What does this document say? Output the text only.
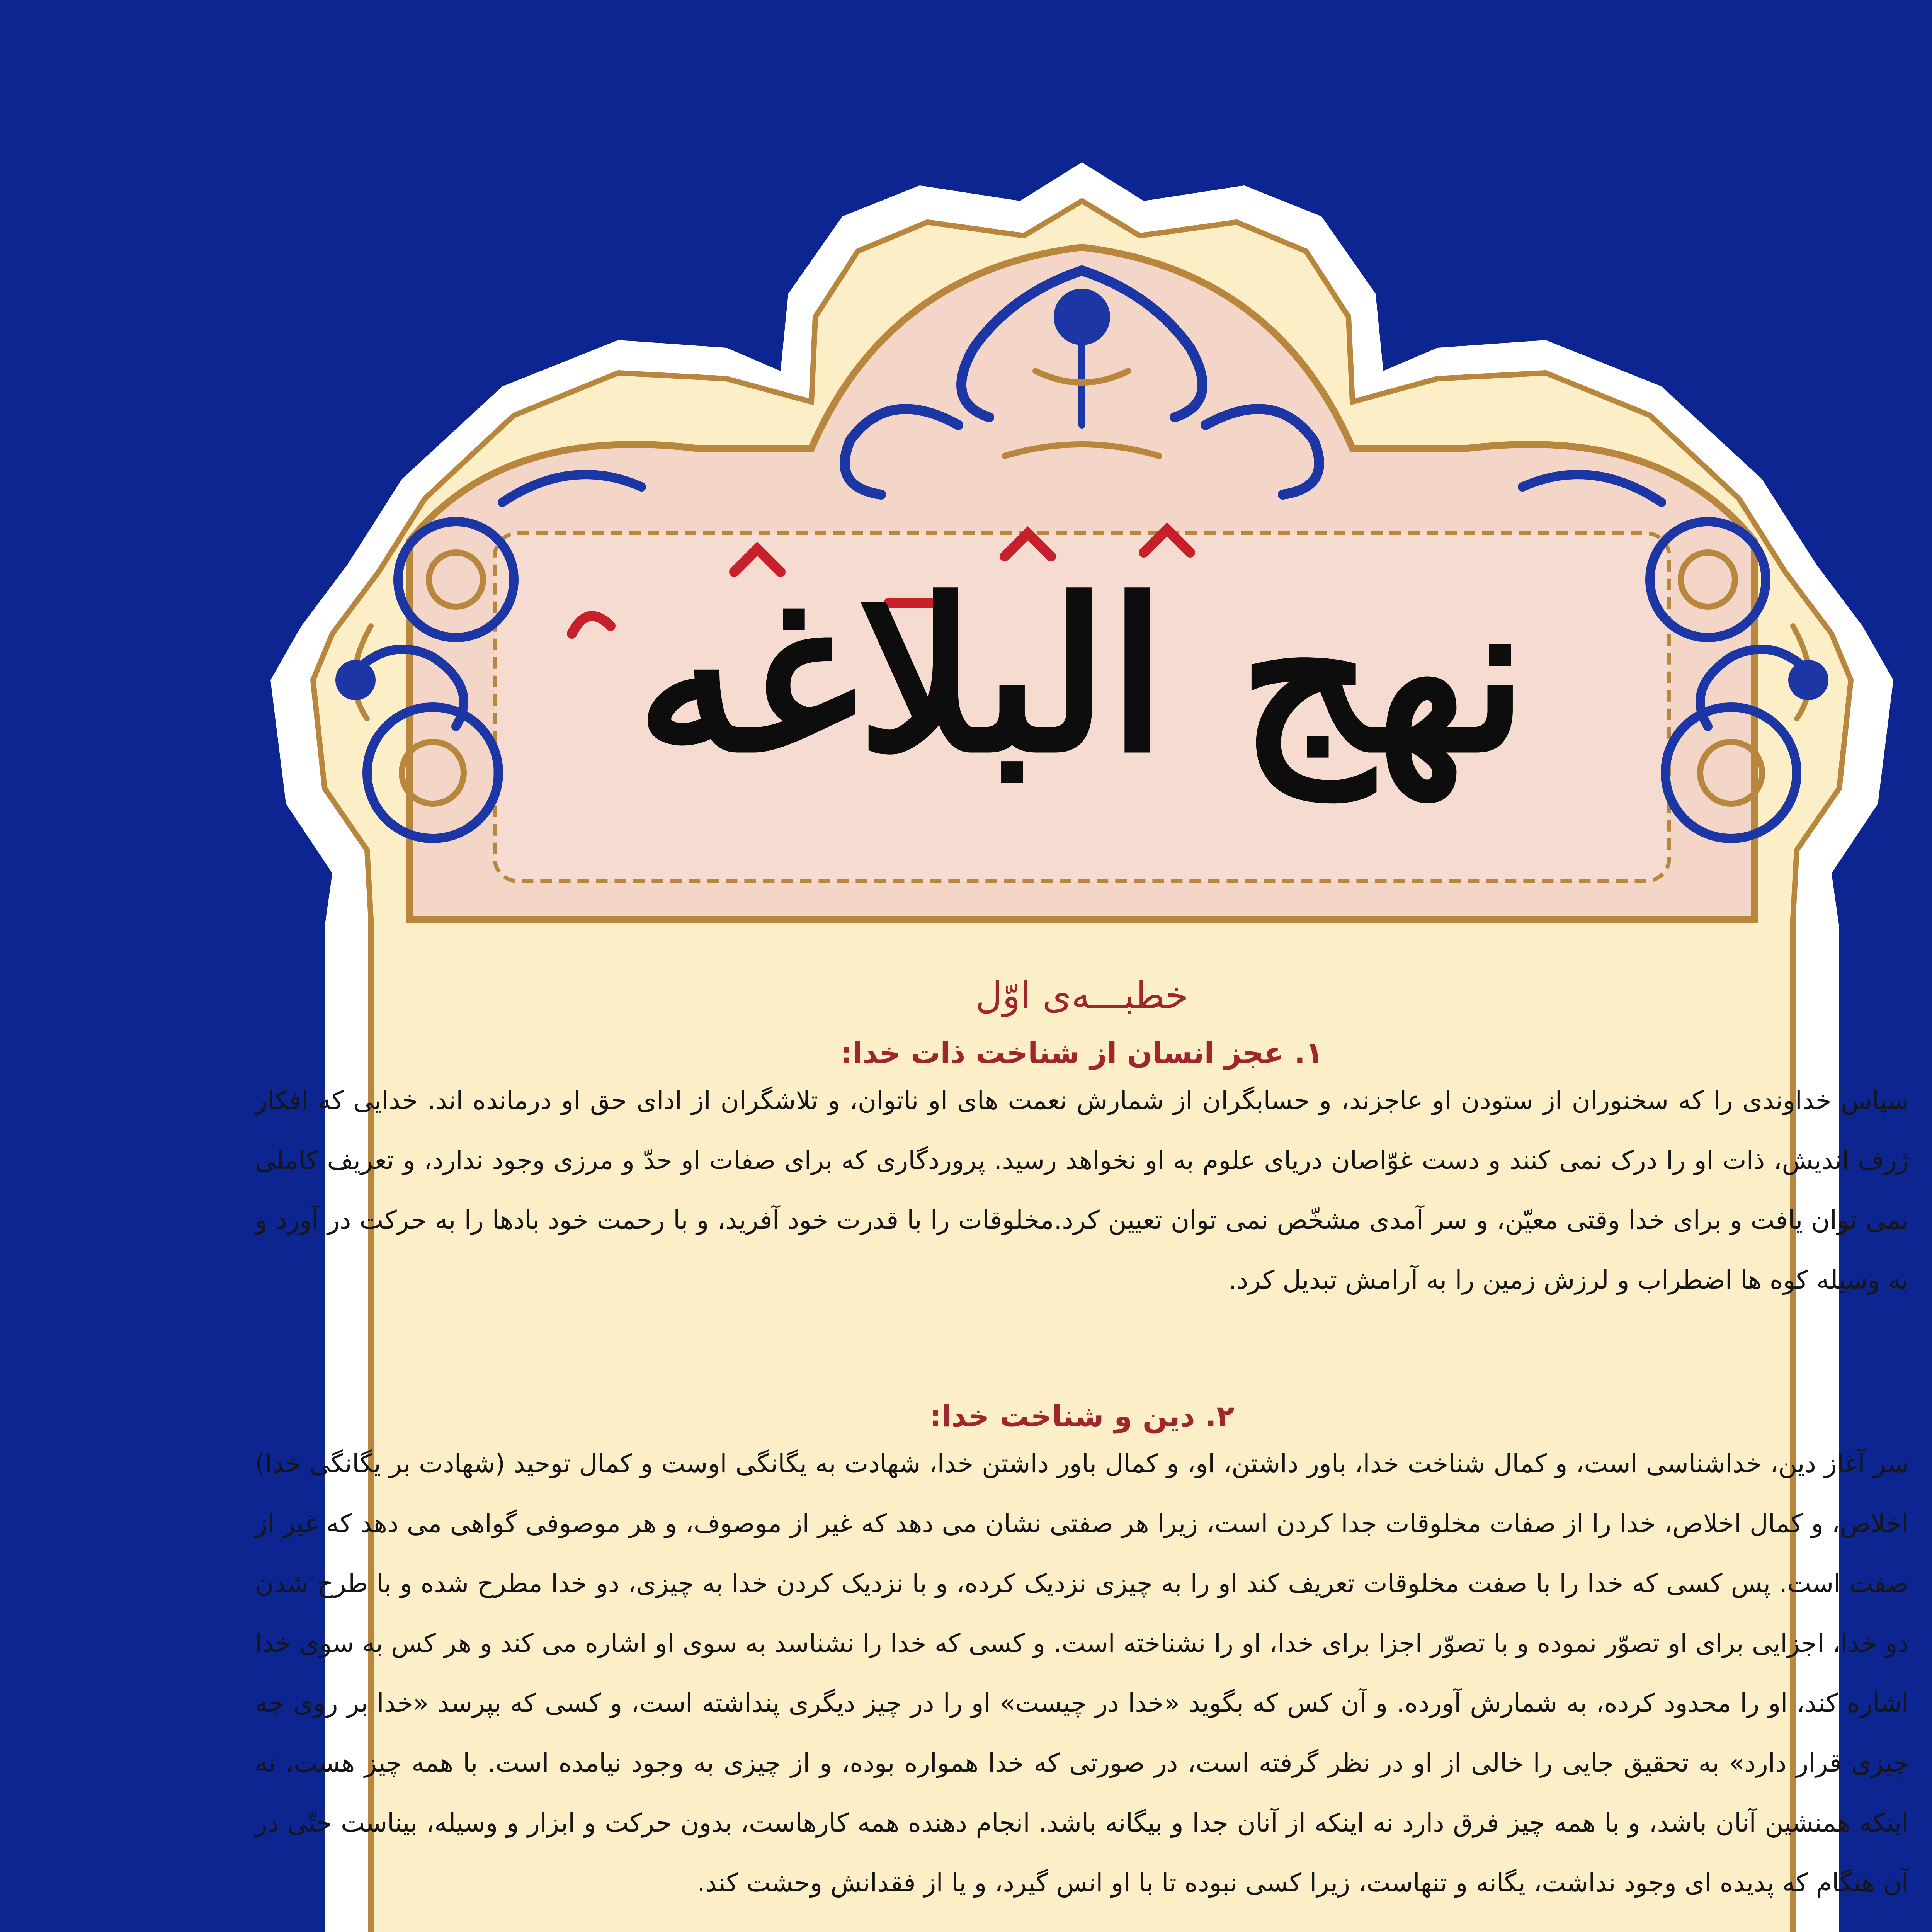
نهج البلاغه

خطبـــه‌ی اوّل

۱. عجز انسان از شناخت ذات خدا:

سپاس خداوندی را که سخنوران از ستودن او عاجزند، و حسابگران از شمارش نعمت های او ناتوان، و تلاشگران از ادای حق او درمانده اند. خدایی که افکار ژرف اندیش، ذات او را درک نمی کنند و دست غوّاصان دریای علوم به او نخواهد رسید. پروردگاری که برای صفات او حدّ و مرزی وجود ندارد، و تعریف کاملی نمی توان یافت و برای خدا وقتی معیّن، و سر آمدی مشخّص نمی توان تعیین کرد.مخلوقات را با قدرت خود آفرید، و با رحمت خود بادها را به حرکت در آورد و به وسیله کوه ها اضطراب و لرزش زمین را به آرامش تبدیل کرد.

۲. دین و شناخت خدا:

سر آغاز دین، خداشناسی است، و کمال شناخت خدا، باور داشتن، او، و کمال باور داشتن خدا، شهادت به یگانگی اوست و کمال توحید (شهادت بر یگانگی خدا) اخلاص، و کمال اخلاص، خدا را از صفات مخلوقات جدا کردن است، زیرا هر صفتی نشان می دهد که غیر از موصوف، و هر موصوفی گواهی می دهد که غیر از صفت است. پس کسی که خدا را با صفت مخلوقات تعریف کند او را به چیزی نزدیک کرده، و با نزدیک کردن خدا به چیزی، دو خدا مطرح شده و با طرح شدن دو خدا، اجزایی برای او تصوّر نموده و با تصوّر اجزا برای خدا، او را نشناخته است. و کسی که خدا را نشناسد به سوی او اشاره می کند و هر کس به سوی خدا اشاره کند، او را محدود کرده، به شمارش آورده. و آن کس که بگوید «خدا در چیست» او را در چیز دیگری پنداشته است، و کسی که بپرسد «خدا بر روی چه چیزی قرار دارد» به تحقیق جایی را خالی از او در نظر گرفته است، در صورتی که خدا همواره بوده، و از چیزی به وجود نیامده است. با همه چیز هست، نه اینکه همنشین آنان باشد، و با همه چیز فرق دارد نه اینکه از آنان جدا و بیگانه باشد. انجام دهنده همه کارهاست، بدون حرکت و ابزار و وسیله، بیناست حتّی در آن هنگام که پدیده ای وجود نداشت، یگانه و تنهاست، زیرا کسی نبوده تا با او انس گیرد، و یا از فقدانش وحشت کند.
